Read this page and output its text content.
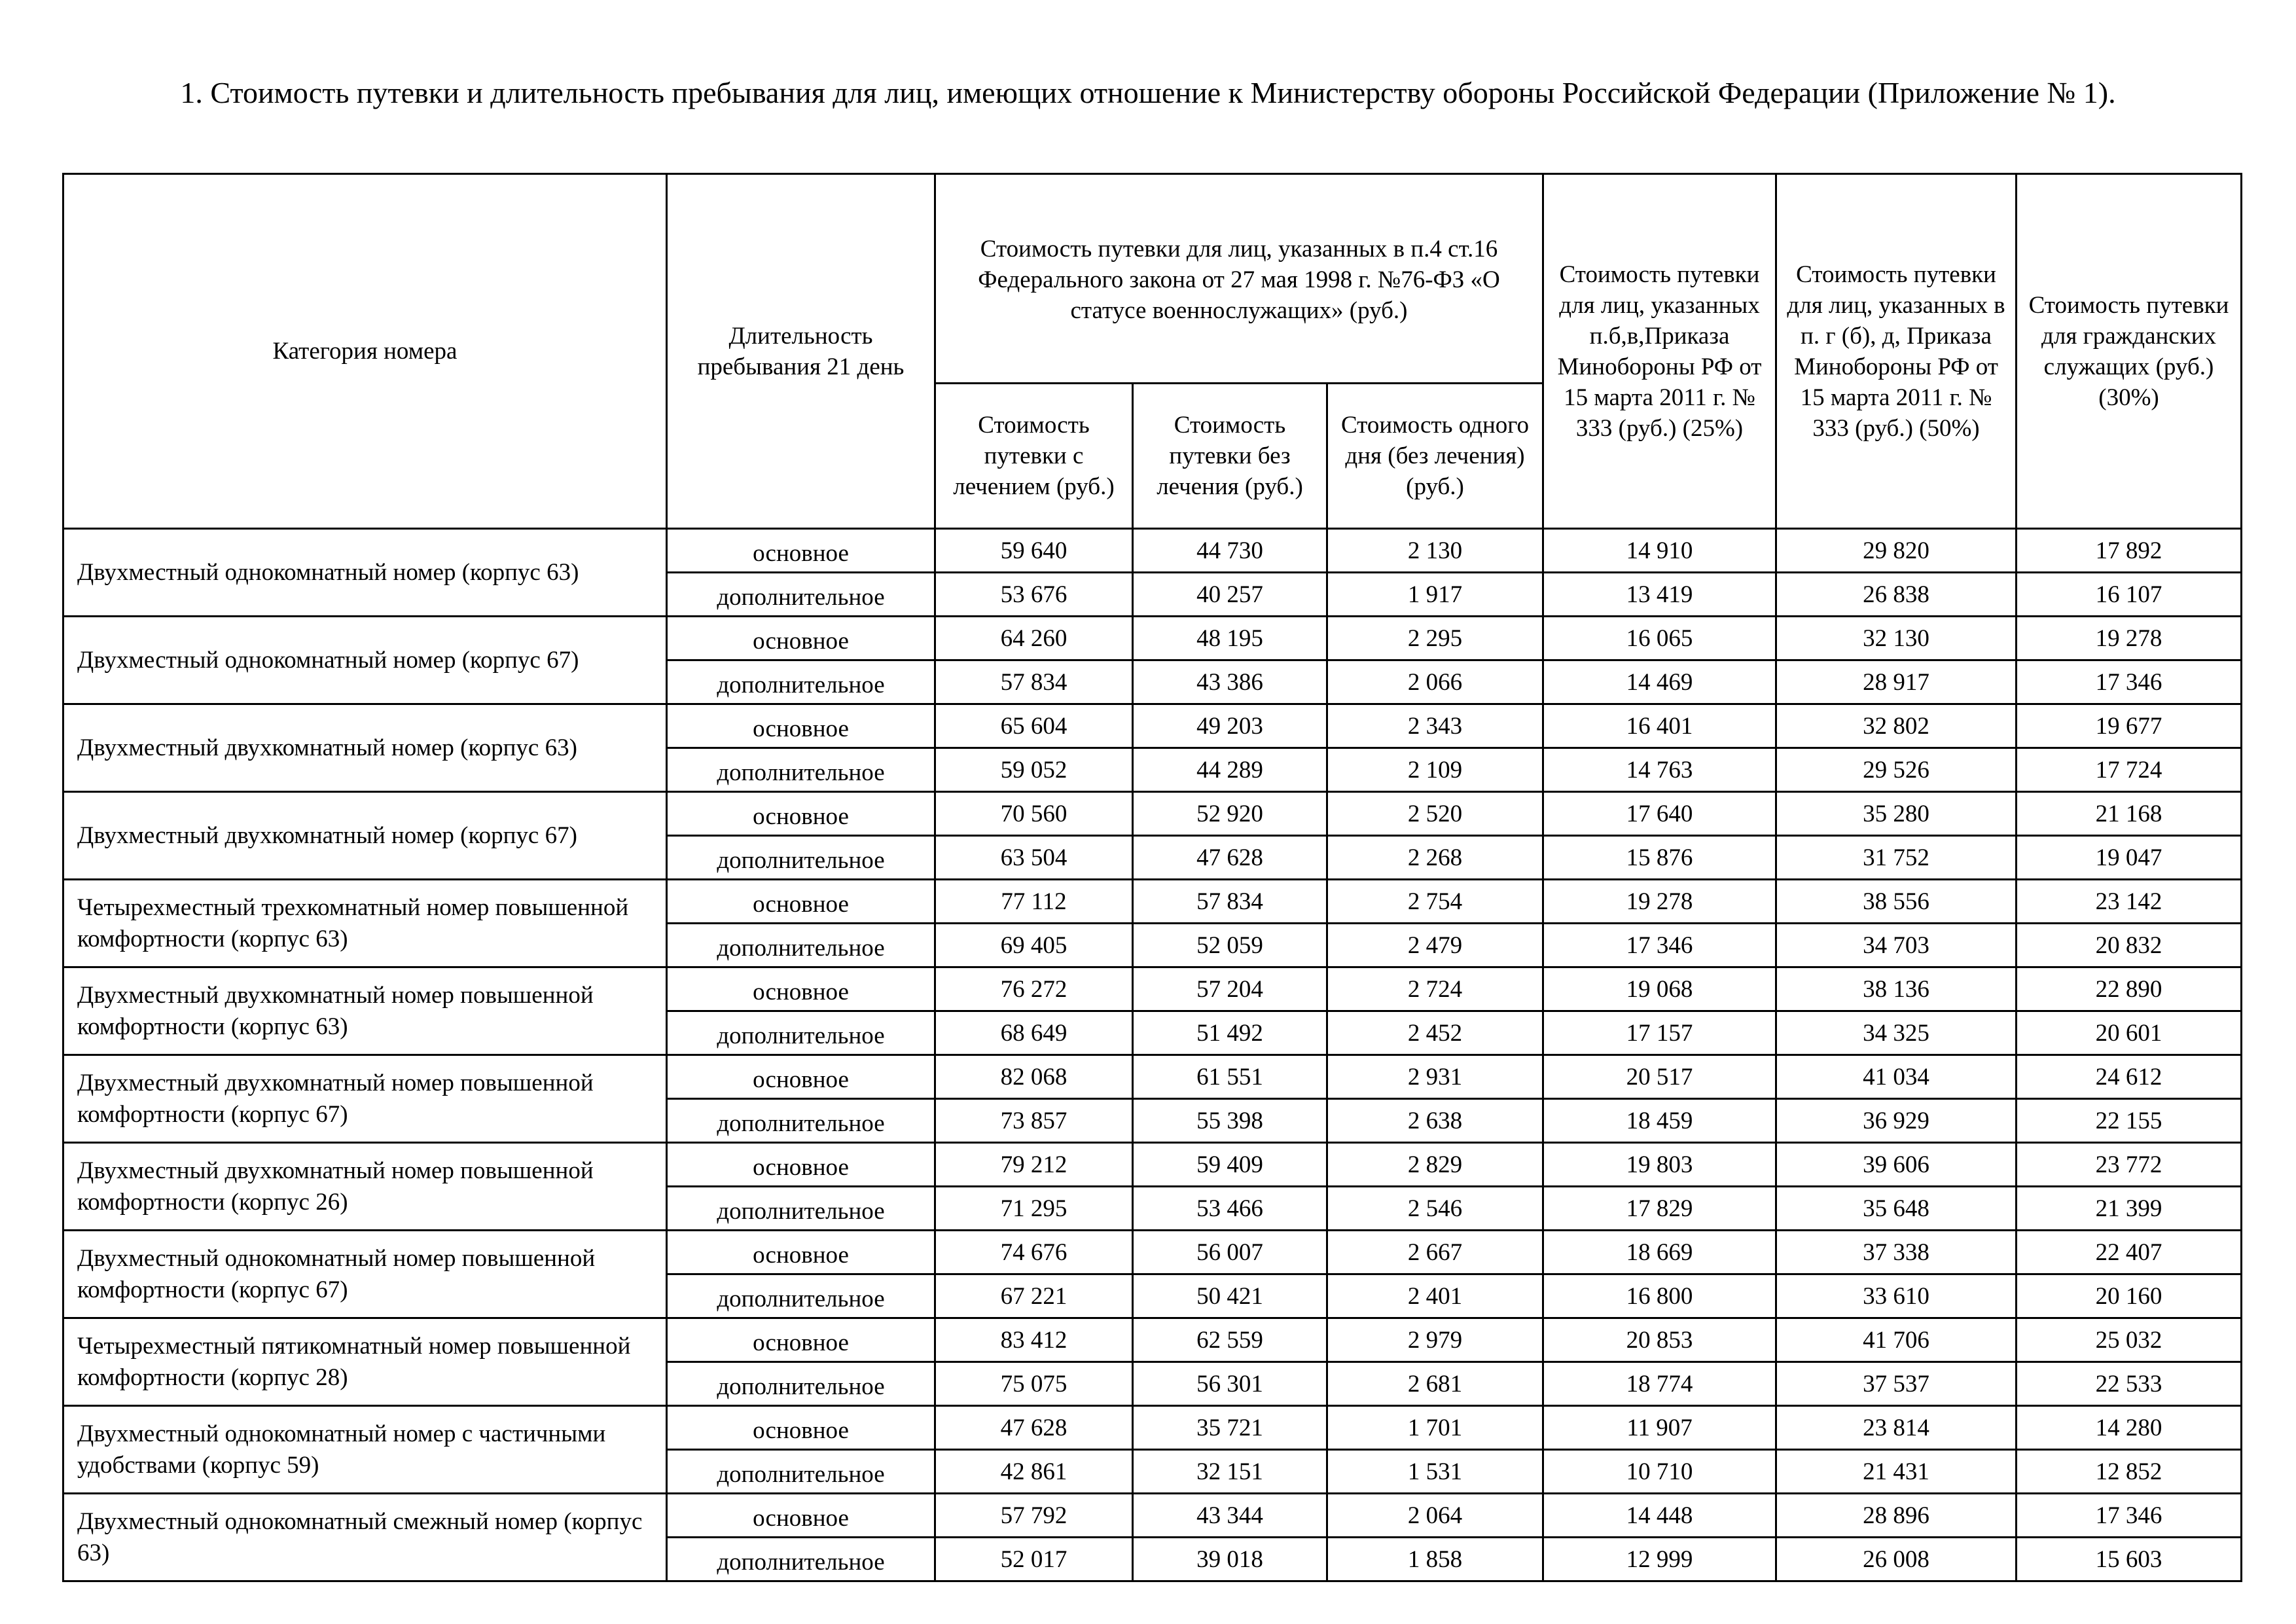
1. Стоимость путевки и длительность пребывания для лиц, имеющих отношение к Министерству обороны Российской Федерации (Приложение № 1).
Категория номера	Длительность пребывания 21 день	Стоимость путевки для лиц, указанных в п.4 ст.16 Федерального закона от 27 мая 1998 г. №76-ФЗ «О статусе военнослужащих» (руб.)			Стоимость путевки для лиц, указанных п.б,в,Приказа Минобороны РФ от 15 марта 2011 г. № 333 (руб.) (25%)	Стоимость путевки для лиц, указанных в п. г (б), д, Приказа Минобороны РФ от 15 марта 2011 г. № 333 (руб.) (50%)	Стоимость путевки для гражданских служащих (руб.) (30%)
		Стоимость путевки с лечением (руб.)	Стоимость путевки без лечения (руб.)	Стоимость одного дня (без лечения) (руб.)			
Двухместный однокомнатный номер (корпус 63)	основное	59 640	44 730	2 130	14 910	29 820	17 892
	дополнительное	53 676	40 257	1 917	13 419	26 838	16 107
Двухместный однокомнатный номер (корпус 67)	основное	64 260	48 195	2 295	16 065	32 130	19 278
	дополнительное	57 834	43 386	2 066	14 469	28 917	17 346
Двухместный двухкомнатный номер (корпус 63)	основное	65 604	49 203	2 343	16 401	32 802	19 677
	дополнительное	59 052	44 289	2 109	14 763	29 526	17 724
Двухместный двухкомнатный номер (корпус 67)	основное	70 560	52 920	2 520	17 640	35 280	21 168
	дополнительное	63 504	47 628	2 268	15 876	31 752	19 047
Четырехместный трехкомнатный номер повышенной комфортности (корпус 63)	основное	77 112	57 834	2 754	19 278	38 556	23 142
	дополнительное	69 405	52 059	2 479	17 346	34 703	20 832
Двухместный двухкомнатный номер повышенной комфортности (корпус 63)	основное	76 272	57 204	2 724	19 068	38 136	22 890
	дополнительное	68 649	51 492	2 452	17 157	34 325	20 601
Двухместный двухкомнатный номер повышенной комфортности (корпус 67)	основное	82 068	61 551	2 931	20 517	41 034	24 612
	дополнительное	73 857	55 398	2 638	18 459	36 929	22 155
Двухместный двухкомнатный номер повышенной комфортности (корпус 26)	основное	79 212	59 409	2 829	19 803	39 606	23 772
	дополнительное	71 295	53 466	2 546	17 829	35 648	21 399
Двухместный однокомнатный номер повышенной комфортности (корпус 67)	основное	74 676	56 007	2 667	18 669	37 338	22 407
	дополнительное	67 221	50 421	2 401	16 800	33 610	20 160
Четырехместный пятикомнатный номер повышенной комфортности (корпус 28)	основное	83 412	62 559	2 979	20 853	41 706	25 032
	дополнительное	75 075	56 301	2 681	18 774	37 537	22 533
Двухместный однокомнатный номер с частичными удобствами (корпус 59)	основное	47 628	35 721	1 701	11 907	23 814	14 280
	дополнительное	42 861	32 151	1 531	10 710	21 431	12 852
Двухместный однокомнатный смежный номер (корпус 63)	основное	57 792	43 344	2 064	14 448	28 896	17 346
	дополнительное	52 017	39 018	1 858	12 999	26 008	15 603
